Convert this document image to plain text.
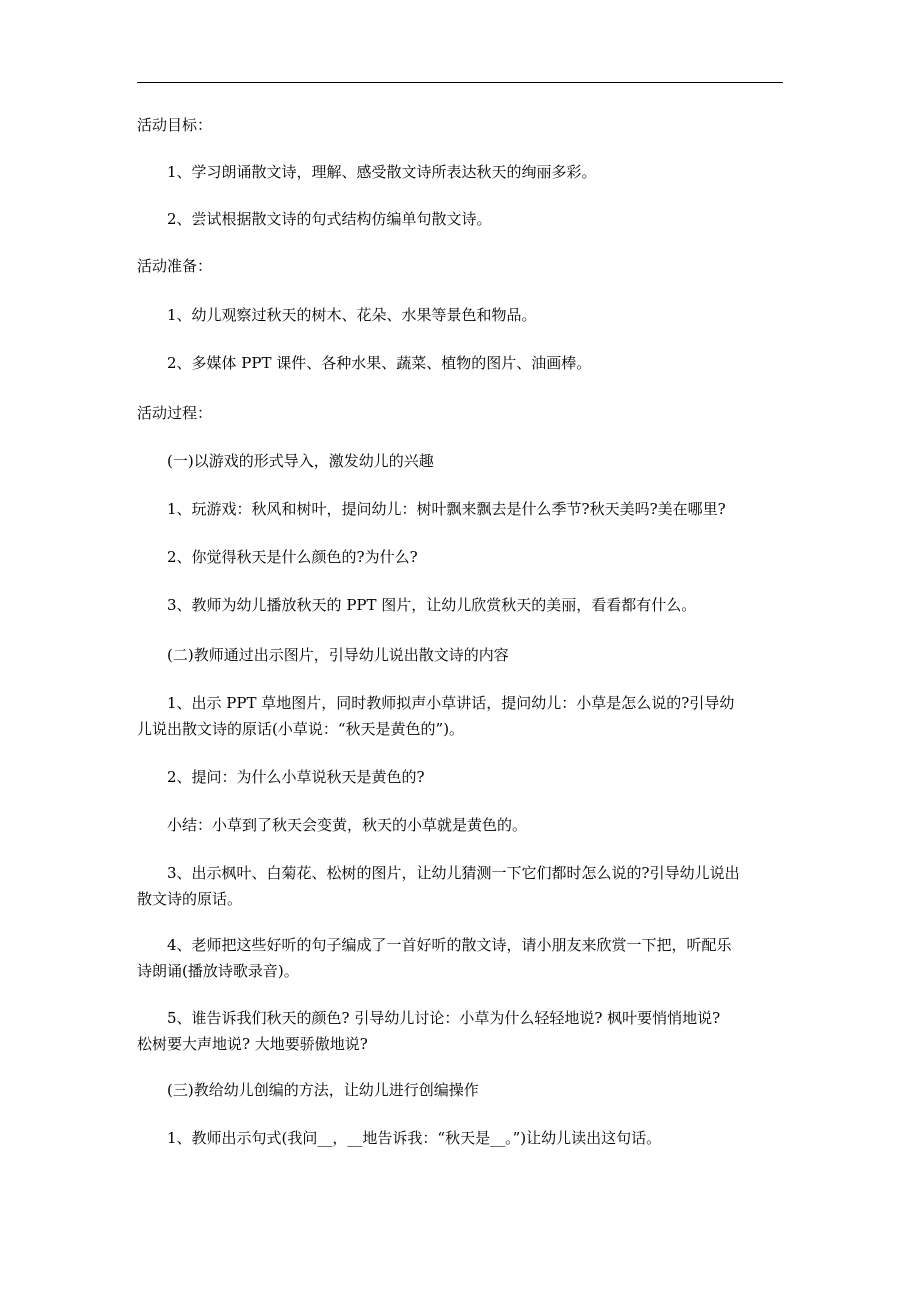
活动目标：
1、学习朗诵散文诗，理解、感受散文诗所表达秋天的绚丽多彩。
2、尝试根据散文诗的句式结构仿编单句散文诗。
活动准备：
1、幼儿观察过秋天的树木、花朵、水果等景色和物品。
2、多媒体 PPT 课件、各种水果、蔬菜、植物的图片、油画棒。
活动过程：
(一)以游戏的形式导入，激发幼儿的兴趣
1、玩游戏：秋风和树叶，提问幼儿：树叶飘来飘去是什么季节?秋天美吗?美在哪里?
2、你觉得秋天是什么颜色的?为什么?
3、教师为幼儿播放秋天的 PPT 图片，让幼儿欣赏秋天的美丽，看看都有什么。
(二)教师通过出示图片，引导幼儿说出散文诗的内容
1、出示 PPT 草地图片，同时教师拟声小草讲话，提问幼儿：小草是怎么说的?引导幼
儿说出散文诗的原话(小草说：“秋天是黄色的”)。
2、提问：为什么小草说秋天是黄色的?
小结：小草到了秋天会变黄，秋天的小草就是黄色的。
3、出示枫叶、白菊花、松树的图片，让幼儿猜测一下它们都时怎么说的?引导幼儿说出
散文诗的原话。
4、老师把这些好听的句子编成了一首好听的散文诗，请小朋友来欣赏一下把，听配乐
诗朗诵(播放诗歌录音)。
5、谁告诉我们秋天的颜色? 引导幼儿讨论：小草为什么轻轻地说? 枫叶要悄悄地说?
松树要大声地说? 大地要骄傲地说?
(三)教给幼儿创编的方法，让幼儿进行创编操作
1、教师出示句式(我问__，__地告诉我：“秋天是__。”)让幼儿读出这句话。
